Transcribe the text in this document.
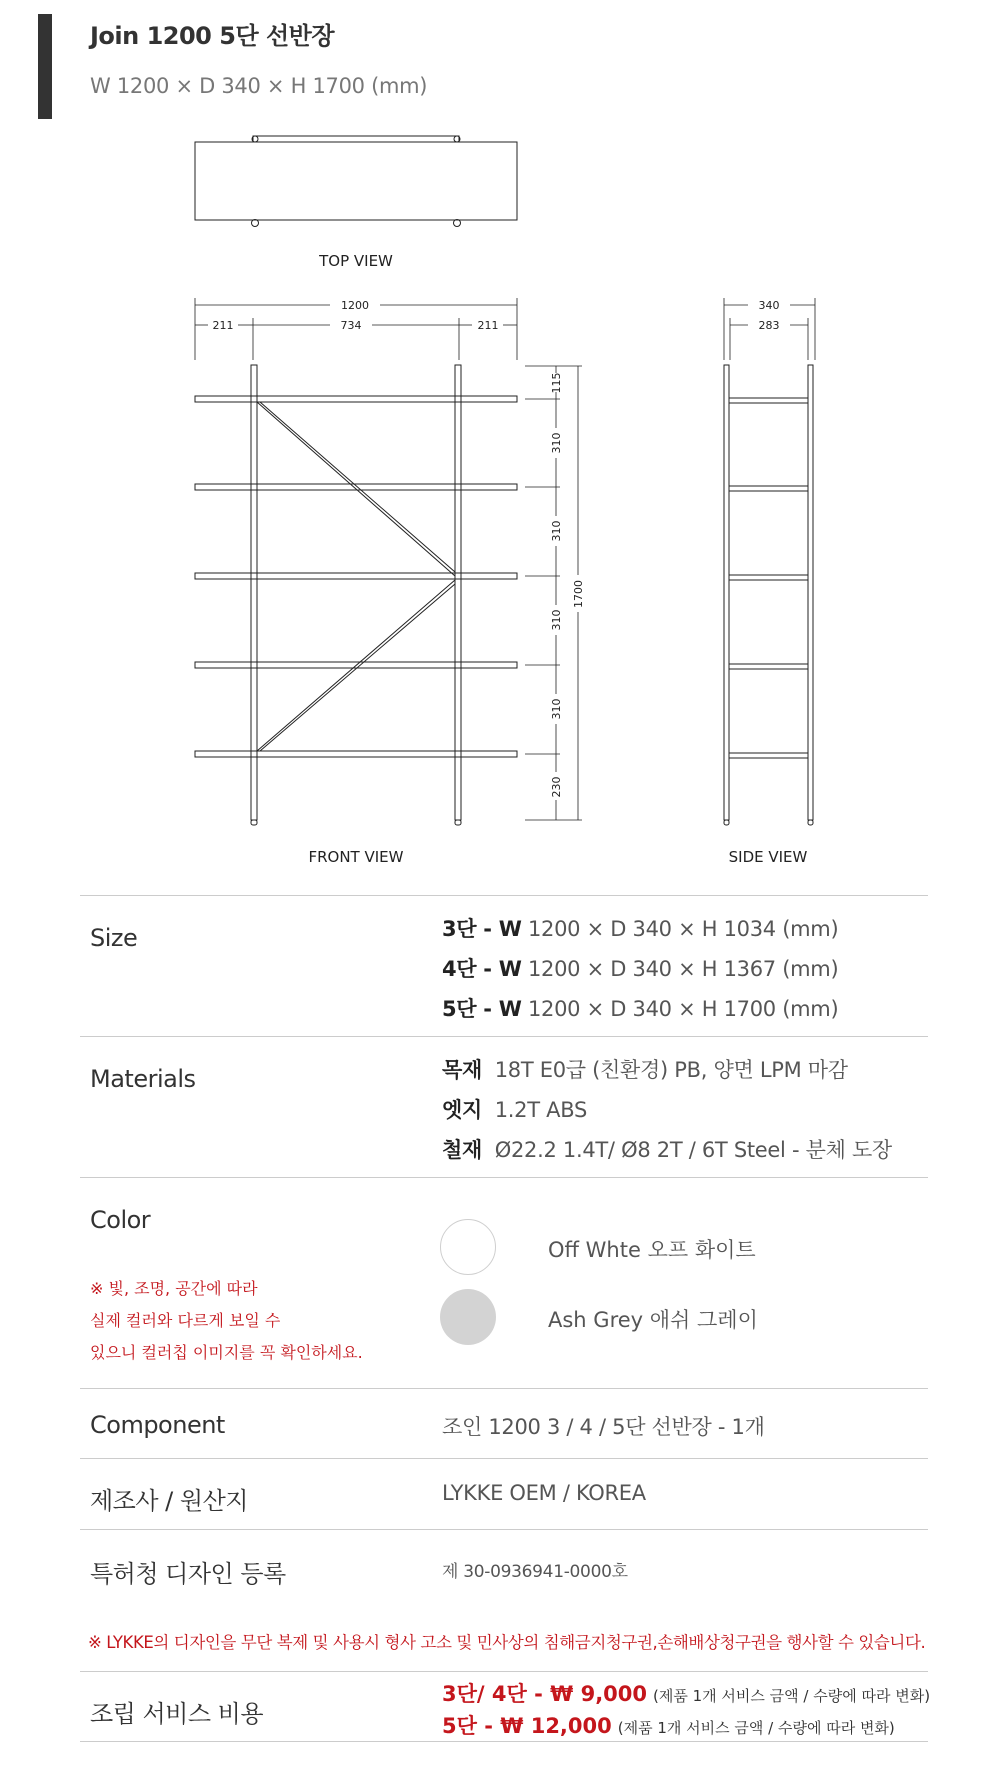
Join 1200 5단 선반장
W 1200 × D 340 × H 1700 (mm)
TOP VIEW
FRONT VIEW	SIDE VIEW
1200
211	734	211
340
283
115
310
310
310
310
230
1700
Size	3단 - W 1200 × D 340 × H 1034 (mm)
4단 - W 1200 × D 340 × H 1367 (mm)
5단 - W 1200 × D 340 × H 1700 (mm)
Materials	목재 18T E0급 (친환경) PB, 양면 LPM 마감
엣지 1.2T ABS
철재 Ø22.2 1.4T/ Ø8 2T / 6T Steel - 분체 도장
Color
※ 빛, 조명, 공간에 따라
실제 컬러와 다르게 보일 수
있으니 컬러칩 이미지를 꼭 확인하세요.
Off Whte 오프 화이트
Ash Grey 애쉬 그레이
Component	조인 1200 3 / 4 / 5단 선반장 - 1개
제조사 / 원산지	LYKKE OEM / KOREA
특허청 디자인 등록	제 30-0936941-0000호
조립 서비스 비용
3단/ 4단 - ₩ 9,000 (제품 1개 서비스 금액 / 수량에 따라 변화)
5단 - ₩ 12,000 (제품 1개 서비스 금액 / 수량에 따라 변화)
※ LYKKE의 디자인을 무단 복제 및 사용시 형사 고소 및 민사상의 침해금지청구권,손해배상청구권을 행사할 수 있습니다.
